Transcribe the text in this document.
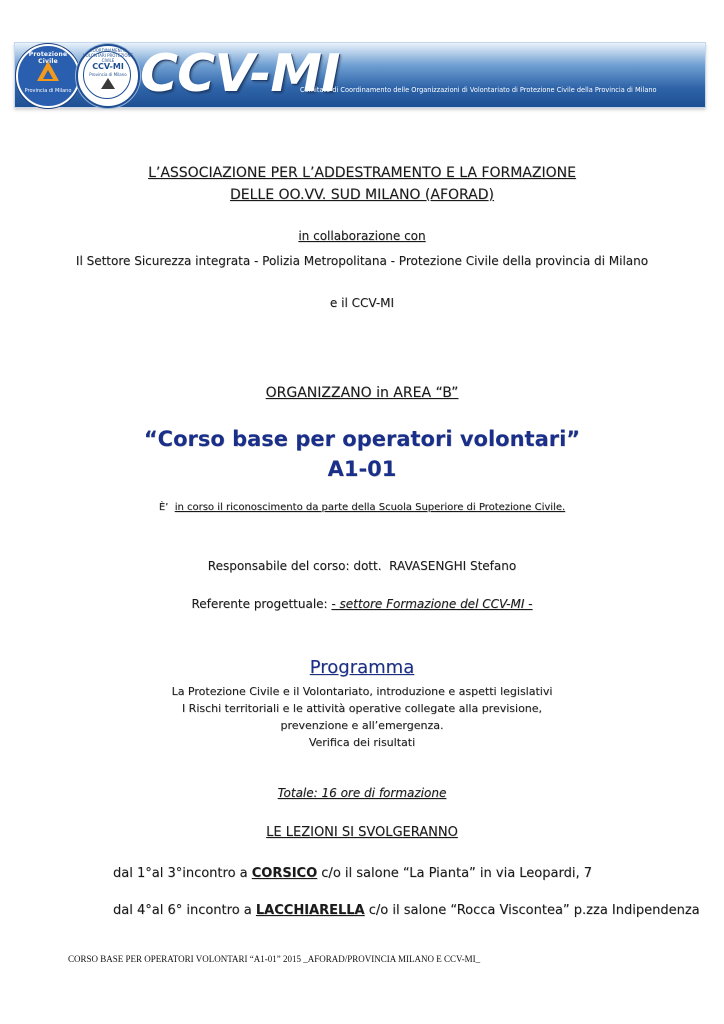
Protezione Civile
Provincia di Milano
COORDINAMENTO VOLONTARI PROTEZIONE CIVILE
CCV-MI
Provincia di Milano CCV-MI
Comitato di Coordinamento delle Organizzazioni di Volontariato di Protezione Civile della Provincia di Milano
L’ASSOCIAZIONE PER L’ADDESTRAMENTO E LA FORMAZIONE
DELLE OO.VV. SUD MILANO (AFORAD)
in collaborazione con
Il Settore Sicurezza integrata - Polizia Metropolitana - Protezione Civile della provincia di Milano
e il CCV-MI
ORGANIZZANO in AREA “B”
“Corso base per operatori volontari”
A1-01
È’ in corso il riconoscimento da parte della Scuola Superiore di Protezione Civile.
Responsabile del corso: dott. RAVASENGHI Stefano
Referente progettuale: - settore Formazione del CCV-MI -
Programma
La Protezione Civile e il Volontariato, introduzione e aspetti legislativi
I Rischi territoriali e le attività operative collegate alla previsione,
prevenzione e all’emergenza.
Verifica dei risultati
Totale: 16 ore di formazione
LE LEZIONI SI SVOLGERANNO
dal 1°al 3°incontro a CORSICO c/o il salone “La Pianta” in via Leopardi, 7
dal 4°al 6° incontro a LACCHIARELLA c/o il salone “Rocca Viscontea” p.zza Indipendenza
CORSO BASE PER OPERATORI VOLONTARI “A1-01” 2015 _AFORAD/PROVINCIA MILANO E CCV-MI_
